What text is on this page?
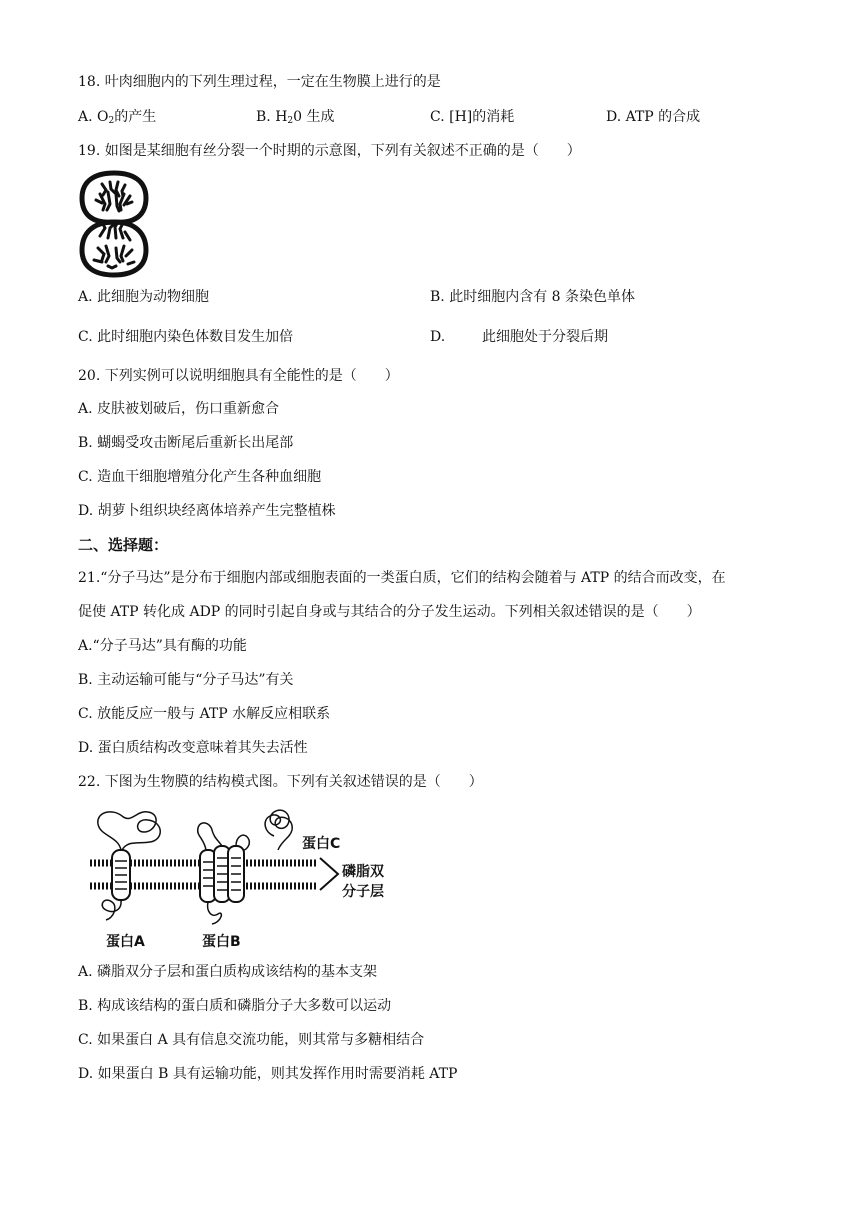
18. 叶肉细胞内的下列生理过程，一定在生物膜上进行的是
A. $O_2$的产生	B. $H_20$ 生成	C. [H]的消耗	D. ATP 的合成
19. 如图是某细胞有丝分裂一个时期的示意图，下列有关叙述不正确的是（　　）
A. 此细胞为动物细胞	B. 此时细胞内含有 8 条染色单体
C. 此时细胞内染色体数目发生加倍	D.	此细胞处于分裂后期
20. 下列实例可以说明细胞具有全能性的是（　　）
A. 皮肤被划破后，伤口重新愈合
B. 蝴蝎受攻击断尾后重新长出尾部
C. 造血干细胞增殖分化产生各种血细胞
D. 胡萝卜组织块经离体培养产生完整植株
二、选择题：
21.“分子马达”是分布于细胞内部或细胞表面的一类蛋白质，它们的结构会随着与 ATP 的结合而改变，在
促使 ATP 转化成 ADP 的同时引起自身或与其结合的分子发生运动。下列相关叙述错误的是（　　）
A.“分子马达”具有酶的功能
B. 主动运输可能与“分子马达”有关
C. 放能反应一般与 ATP 水解反应相联系
D. 蛋白质结构改变意味着其失去活性
22. 下图为生物膜的结构模式图。下列有关叙述错误的是（　　）
蛋白C
磷脂双
分子层
蛋白A	蛋白B
A. 磷脂双分子层和蛋白质构成该结构的基本支架
B. 构成该结构的蛋白质和磷脂分子大多数可以运动
C. 如果蛋白 A 具有信息交流功能，则其常与多糖相结合
D. 如果蛋白 B 具有运输功能，则其发挥作用时需要消耗 ATP
